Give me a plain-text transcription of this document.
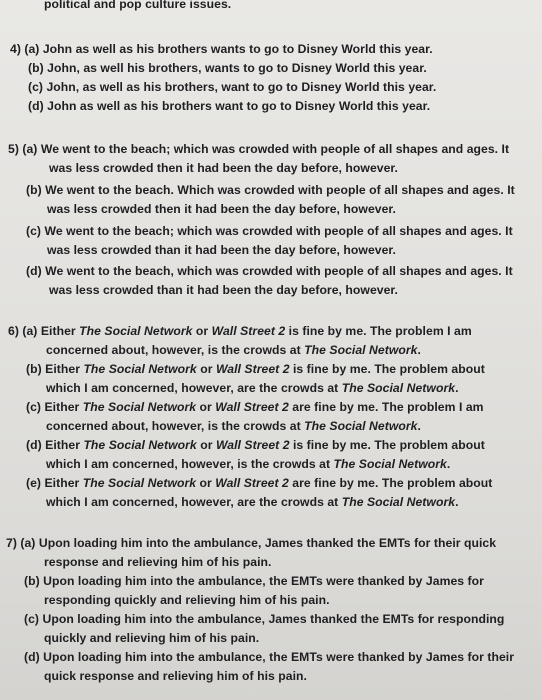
political and pop culture issues.
4) (a) John as well as his brothers wants to go to Disney World this year.
(b) John, as well his brothers, wants to go to Disney World this year.
(c) John, as well as his brothers, want to go to Disney World this year.
(d) John as well as his brothers want to go to Disney World this year.
5) (a) We went to the beach; which was crowded with people of all shapes and ages. It
was less crowded then it had been the day before, however.
(b) We went to the beach. Which was crowded with people of all shapes and ages. It
was less crowded then it had been the day before, however.
(c) We went to the beach; which was crowded with people of all shapes and ages. It
was less crowded than it had been the day before, however.
(d) We went to the beach, which was crowded with people of all shapes and ages. It
was less crowded than it had been the day before, however.
6) (a) Either The Social Network or Wall Street 2 is fine by me. The problem I am
concerned about, however, is the crowds at The Social Network.
(b) Either The Social Network or Wall Street 2 is fine by me. The problem about
which I am concerned, however, are the crowds at The Social Network.
(c) Either The Social Network or Wall Street 2 are fine by me. The problem I am
concerned about, however, is the crowds at The Social Network.
(d) Either The Social Network or Wall Street 2 is fine by me. The problem about
which I am concerned, however, is the crowds at The Social Network.
(e) Either The Social Network or Wall Street 2 are fine by me. The problem about
which I am concerned, however, are the crowds at The Social Network.
7) (a) Upon loading him into the ambulance, James thanked the EMTs for their quick
response and relieving him of his pain.
(b) Upon loading him into the ambulance, the EMTs were thanked by James for
responding quickly and relieving him of his pain.
(c) Upon loading him into the ambulance, James thanked the EMTs for responding
quickly and relieving him of his pain.
(d) Upon loading him into the ambulance, the EMTs were thanked by James for their
quick response and relieving him of his pain.
